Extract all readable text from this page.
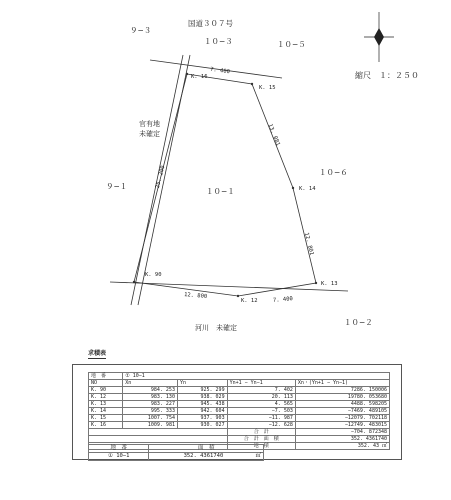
国道３０７号
９−３
１０−３	１０−５
縮尺　１：２５０
官有地
未確定
９−１
１０−１
１０−６
河川　未確定
１０−２
K. 16
K. 15
K. 14
K. 13
K. 12
K. 90
7. 400
13. 081
12. 801
25. 200
12. 800
7. 400
求積表
地　番	① 10−1			
NO	Xn	Yn	Yn+1 − Yn−1	Xn・(Yn+1 − Yn−1)
K. 90	984. 253	925. 299	7. 402	7286. 150006
K. 12	983. 130	938. 029	20. 113	19780. 053680
K. 13	983. 227	945. 438	4. 565	4488. 598205
K. 14	995. 333	942. 604	−7. 503	−7469. 489105
K. 15	1007. 754	937. 903	−11. 987	−12079. 702118
K. 16	1009. 981	930. 027	−12. 628	−12749. 483015
			合　計	−704. 872348
			合　計　面　積	352. 4361740
			地　積	352. 43 ㎡
地　番	面　積
① 10−1	352. 4361740 ㎡
